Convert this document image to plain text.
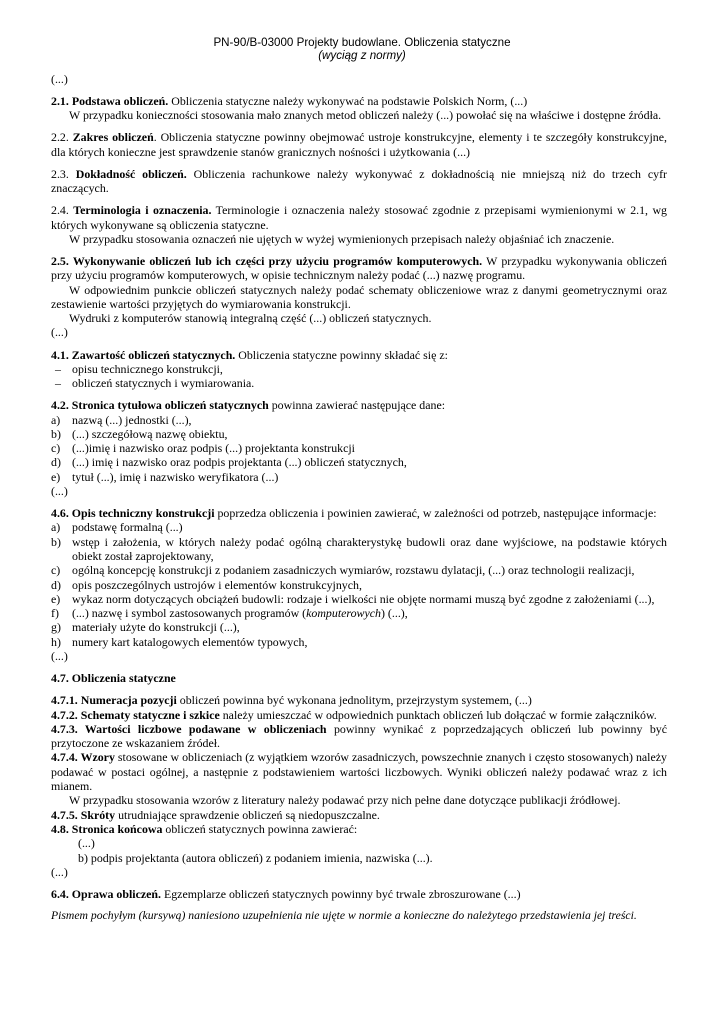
PN-90/B-03000 Projekty budowlane. Obliczenia statyczne
(wyciąg z normy)

(...)

2.1. Podstawa obliczeń. Obliczenia statyczne należy wykonywać na podstawie Polskich Norm, (...)

W przypadku konieczności stosowania mało znanych metod obliczeń należy (...) powołać się na właściwe i dostępne źródła.

2.2. Zakres obliczeń. Obliczenia statyczne powinny obejmować ustroje konstrukcyjne, elementy i te szczegóły konstrukcyjne, dla których konieczne jest sprawdzenie stanów granicznych nośności i użytkowania (...)

2.3. Dokładność obliczeń. Obliczenia rachunkowe należy wykonywać z dokładnością nie mniejszą niż do trzech cyfr znaczących.

2.4. Terminologia i oznaczenia. Terminologie i oznaczenia należy stosować zgodnie z przepisami wymienionymi w 2.1, wg których wykonywane są obliczenia statyczne.

W przypadku stosowania oznaczeń nie ujętych w wyżej wymienionych przepisach należy objaśniać ich znaczenie.

2.5. Wykonywanie obliczeń lub ich części przy użyciu programów komputerowych. W przypadku wykonywania obliczeń przy użyciu programów komputerowych, w opisie technicznym należy podać (...) nazwę programu.

W odpowiednim punkcie obliczeń statycznych należy podać schematy obliczeniowe wraz z danymi geometrycznymi oraz zestawienie wartości przyjętych do wymiarowania konstrukcji.

Wydruki z komputerów stanowią integralną część (...) obliczeń statycznych.

(...)

4.1. Zawartość obliczeń statycznych. Obliczenia statyczne powinny składać się z:

– opisu technicznego konstrukcji,

– obliczeń statycznych i wymiarowania.

4.2. Stronica tytułowa obliczeń statycznych powinna zawierać następujące dane:

a) nazwą (...) jednostki (...),

b) (...) szczegółową nazwę obiektu,

c) (...)imię i nazwisko oraz podpis (...) projektanta konstrukcji

d) (...) imię i nazwisko oraz podpis projektanta (...) obliczeń statycznych,

e) tytuł (...), imię i nazwisko weryfikatora (...)

(...)

4.6. Opis techniczny konstrukcji poprzedza obliczenia i powinien zawierać, w zależności od potrzeb, następujące informacje:

a) podstawę formalną (...)

b) wstęp i założenia, w których należy podać ogólną charakterystykę budowli oraz dane wyjściowe, na podstawie których obiekt został zaprojektowany,

c) ogólną koncepcję konstrukcji z podaniem zasadniczych wymiarów, rozstawu dylatacji, (...) oraz technologii realizacji,

d) opis poszczególnych ustrojów i elementów konstrukcyjnych,

e) wykaz norm dotyczących obciążeń budowli: rodzaje i wielkości nie objęte normami muszą być zgodne z założeniami (...),

f) (...) nazwę i symbol zastosowanych programów (komputerowych) (...),

g) materiały użyte do konstrukcji (...),

h) numery kart katalogowych elementów typowych,

(...)

4.7. Obliczenia statyczne

4.7.1. Numeracja pozycji obliczeń powinna być wykonana jednolitym, przejrzystym systemem, (...)

4.7.2. Schematy statyczne i szkice należy umieszczać w odpowiednich punktach obliczeń lub dołączać w formie załączników.

4.7.3. Wartości liczbowe podawane w obliczeniach powinny wynikać z poprzedzających obliczeń lub powinny być przytoczone ze wskazaniem źródeł.

4.7.4. Wzory stosowane w obliczeniach (z wyjątkiem wzorów zasadniczych, powszechnie znanych i często stosowanych) należy podawać w postaci ogólnej, a następnie z podstawieniem wartości liczbowych. Wyniki obliczeń należy podawać wraz z ich mianem.

W przypadku stosowania wzorów z literatury należy podawać przy nich pełne dane dotyczące publikacji źródłowej.

4.7.5. Skróty utrudniające sprawdzenie obliczeń są niedopuszczalne.

4.8. Stronica końcowa obliczeń statycznych powinna zawierać:

(...)

b) podpis projektanta (autora obliczeń) z podaniem imienia, nazwiska (...).

(...)

6.4. Oprawa obliczeń. Egzemplarze obliczeń statycznych powinny być trwale zbroszurowane (...)

Pismem pochyłym (kursywą) naniesiono uzupełnienia nie ujęte w normie a konieczne do należytego przedstawienia jej treści.
